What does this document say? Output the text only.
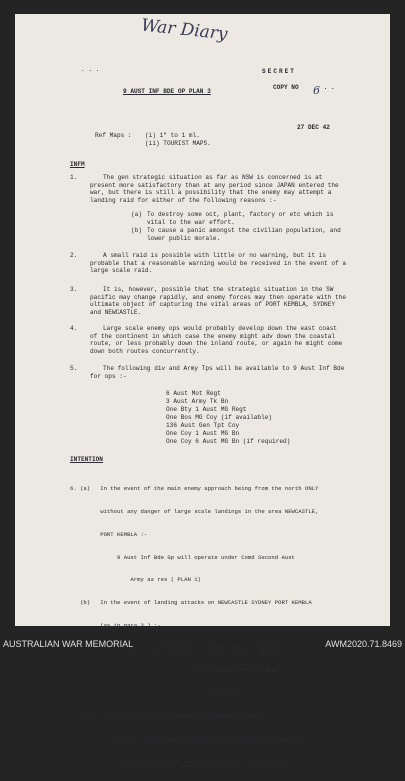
War Diary
6
. . .	SECRET
9 AUST INF BDE OP PLAN 3
COPY NO	. . .
27 DEC 42
Ref Maps : (i) 1" to 1 ml.
(ii) TOURIST MAPS.
INFM
1.	The gen strategic situation as far as NSW is concerned is at
present more satisfactory than at any period since JAPAN entered the
war, but there is still a possibility that the enemy may attempt a
landing raid for either of the following reasons :-
(a) To destroy some oct, plant, factory or etc which is
vital to the war effort.
(b) To cause a panic amongst the civilian population, and
lower public morale.
2.	A small raid is possible with little or no warning, but it is
probable that a reasonable warning would be received in the event of a
large scale raid.
3.	It is, however, possible that the strategic situation in the SW
pacific may change rapidly, and enemy forces may then operate with the
ultimate object of capturing the vital areas of PORT KEMBLA, SYDNEY
and NEWCASTLE.
4.	Large scale enemy ops would probably develop down the east coast
of the continent in which case the enemy might adv down the coastal
route, or less probably down the inland route, or again he might come
down both routes concurrently.
5.	The following div and Army Tps will be available to 9 Aust Inf Bde
for ops :-
6 Aust Mot Regt
3 Aust Army Tk Bn
One Bty 1 Aust MG Regt
One Bos MG Coy (if available)
136 Aust Gen Tpt Coy
One Coy 1 Aust MG Bn
One Coy 6 Aust MG Bn (if required)
INTENTION

6. (a)   In the event of the main enemy approach being from the north ONLY

without any danger of large scale landings in the area NEWCASTLE,

PORT KEMBLA :-

9 Aust Inf Bde Gp will operate under Comd Second Aust

Army as res ( PLAN 1)

(b)   In the event of landing attacks on NEWCASTLE SYDNEY PORT KEMBLA

(as in para 3 ) :-

9 Aust Inf Bde Gp will (i) defend port of KEMBLA.

(ii) defend port of SYDNEY

(PLAN 2)

(c)   In the event of raids anywhere in NEWCASTLE area :-

9 Aust Inf Bde Gp will attack and destroy the enemy as

soon as the area of the raid is known (PLANS 3 & 4)

AUSTRALIAN WAR MEMORIAL	AWM2020.71.8469
